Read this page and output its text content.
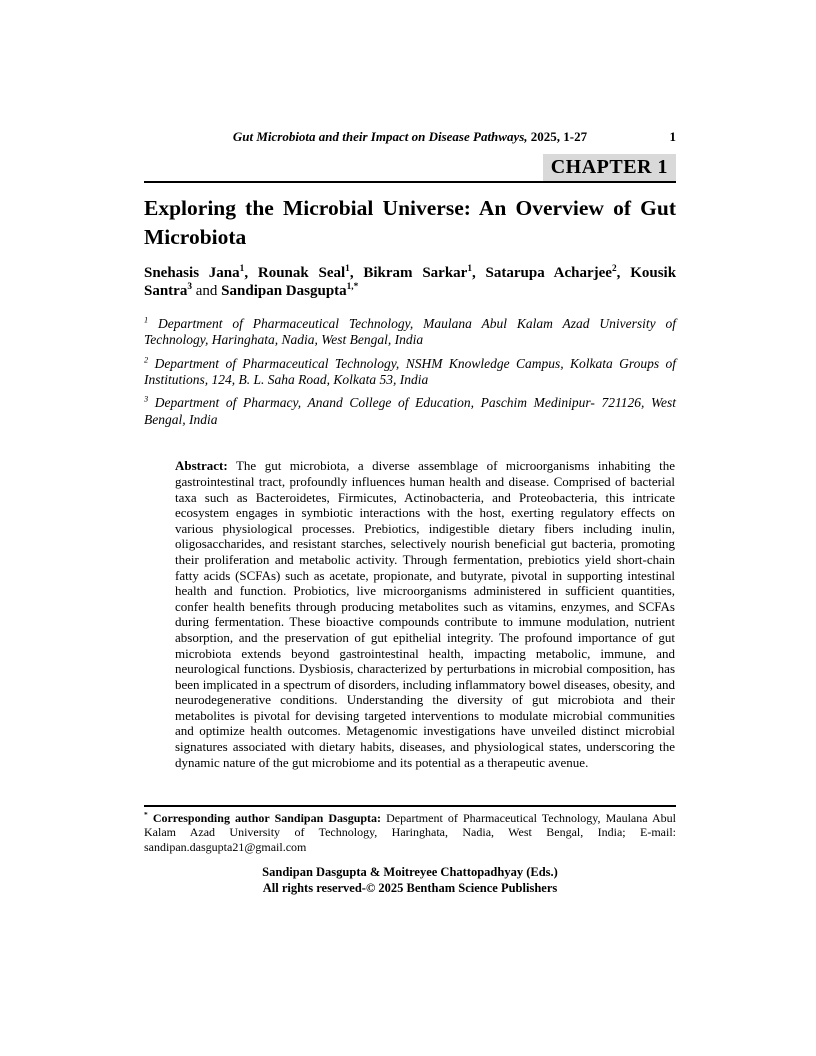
Gut Microbiota and their Impact on Disease Pathways, 2025, 1-27	1
CHAPTER 1
Exploring the Microbial Universe: An Overview of Gut Microbiota

Snehasis Jana$^1$, Rounak Seal$^1$, Bikram Sarkar$^1$, Satarupa Acharjee$^2$, Kousik Santra$^3$ and Sandipan Dasgupta$^{1,*}$

$^1$ Department of Pharmaceutical Technology, Maulana Abul Kalam Azad University of Technology, Haringhata, Nadia, West Bengal, India

$^2$ Department of Pharmaceutical Technology, NSHM Knowledge Campus, Kolkata Groups of Institutions, 124, B. L. Saha Road, Kolkata 53, India

$^3$ Department of Pharmacy, Anand College of Education, Paschim Medinipur- 721126, West Bengal, India

Abstract: The gut microbiota, a diverse assemblage of microorganisms inhabiting the gastrointestinal tract, profoundly influences human health and disease. Comprised of bacterial taxa such as Bacteroidetes, Firmicutes, Actinobacteria, and Proteobacteria, this intricate ecosystem engages in symbiotic interactions with the host, exerting regulatory effects on various physiological processes. Prebiotics, indigestible dietary fibers including inulin, oligosaccharides, and resistant starches, selectively nourish beneficial gut bacteria, promoting their proliferation and metabolic activity. Through fermentation, prebiotics yield short-chain fatty acids (SCFAs) such as acetate, propionate, and butyrate, pivotal in supporting intestinal health and function. Probiotics, live microorganisms administered in sufficient quantities, confer health benefits through producing metabolites such as vitamins, enzymes, and SCFAs during fermentation. These bioactive compounds contribute to immune modulation, nutrient absorption, and the preservation of gut epithelial integrity. The profound importance of gut microbiota extends beyond gastrointestinal health, impacting metabolic, immune, and neurological functions. Dysbiosis, characterized by perturbations in microbial composition, has been implicated in a spectrum of disorders, including inflammatory bowel diseases, obesity, and neurodegenerative conditions. Understanding the diversity of gut microbiota and their metabolites is pivotal for devising targeted interventions to modulate microbial communities and optimize health outcomes. Metagenomic investigations have unveiled distinct microbial signatures associated with dietary habits, diseases, and physiological states, underscoring the dynamic nature of the gut microbiome and its potential as a therapeutic avenue.

* Corresponding author Sandipan Dasgupta: Department of Pharmaceutical Technology, Maulana Abul Kalam Azad University of Technology, Haringhata, Nadia, West Bengal, India; E-mail: sandipan.dasgupta21@gmail.com
Sandipan Dasgupta & Moitreyee Chattopadhyay (Eds.)
All rights reserved-© 2025 Bentham Science Publishers
